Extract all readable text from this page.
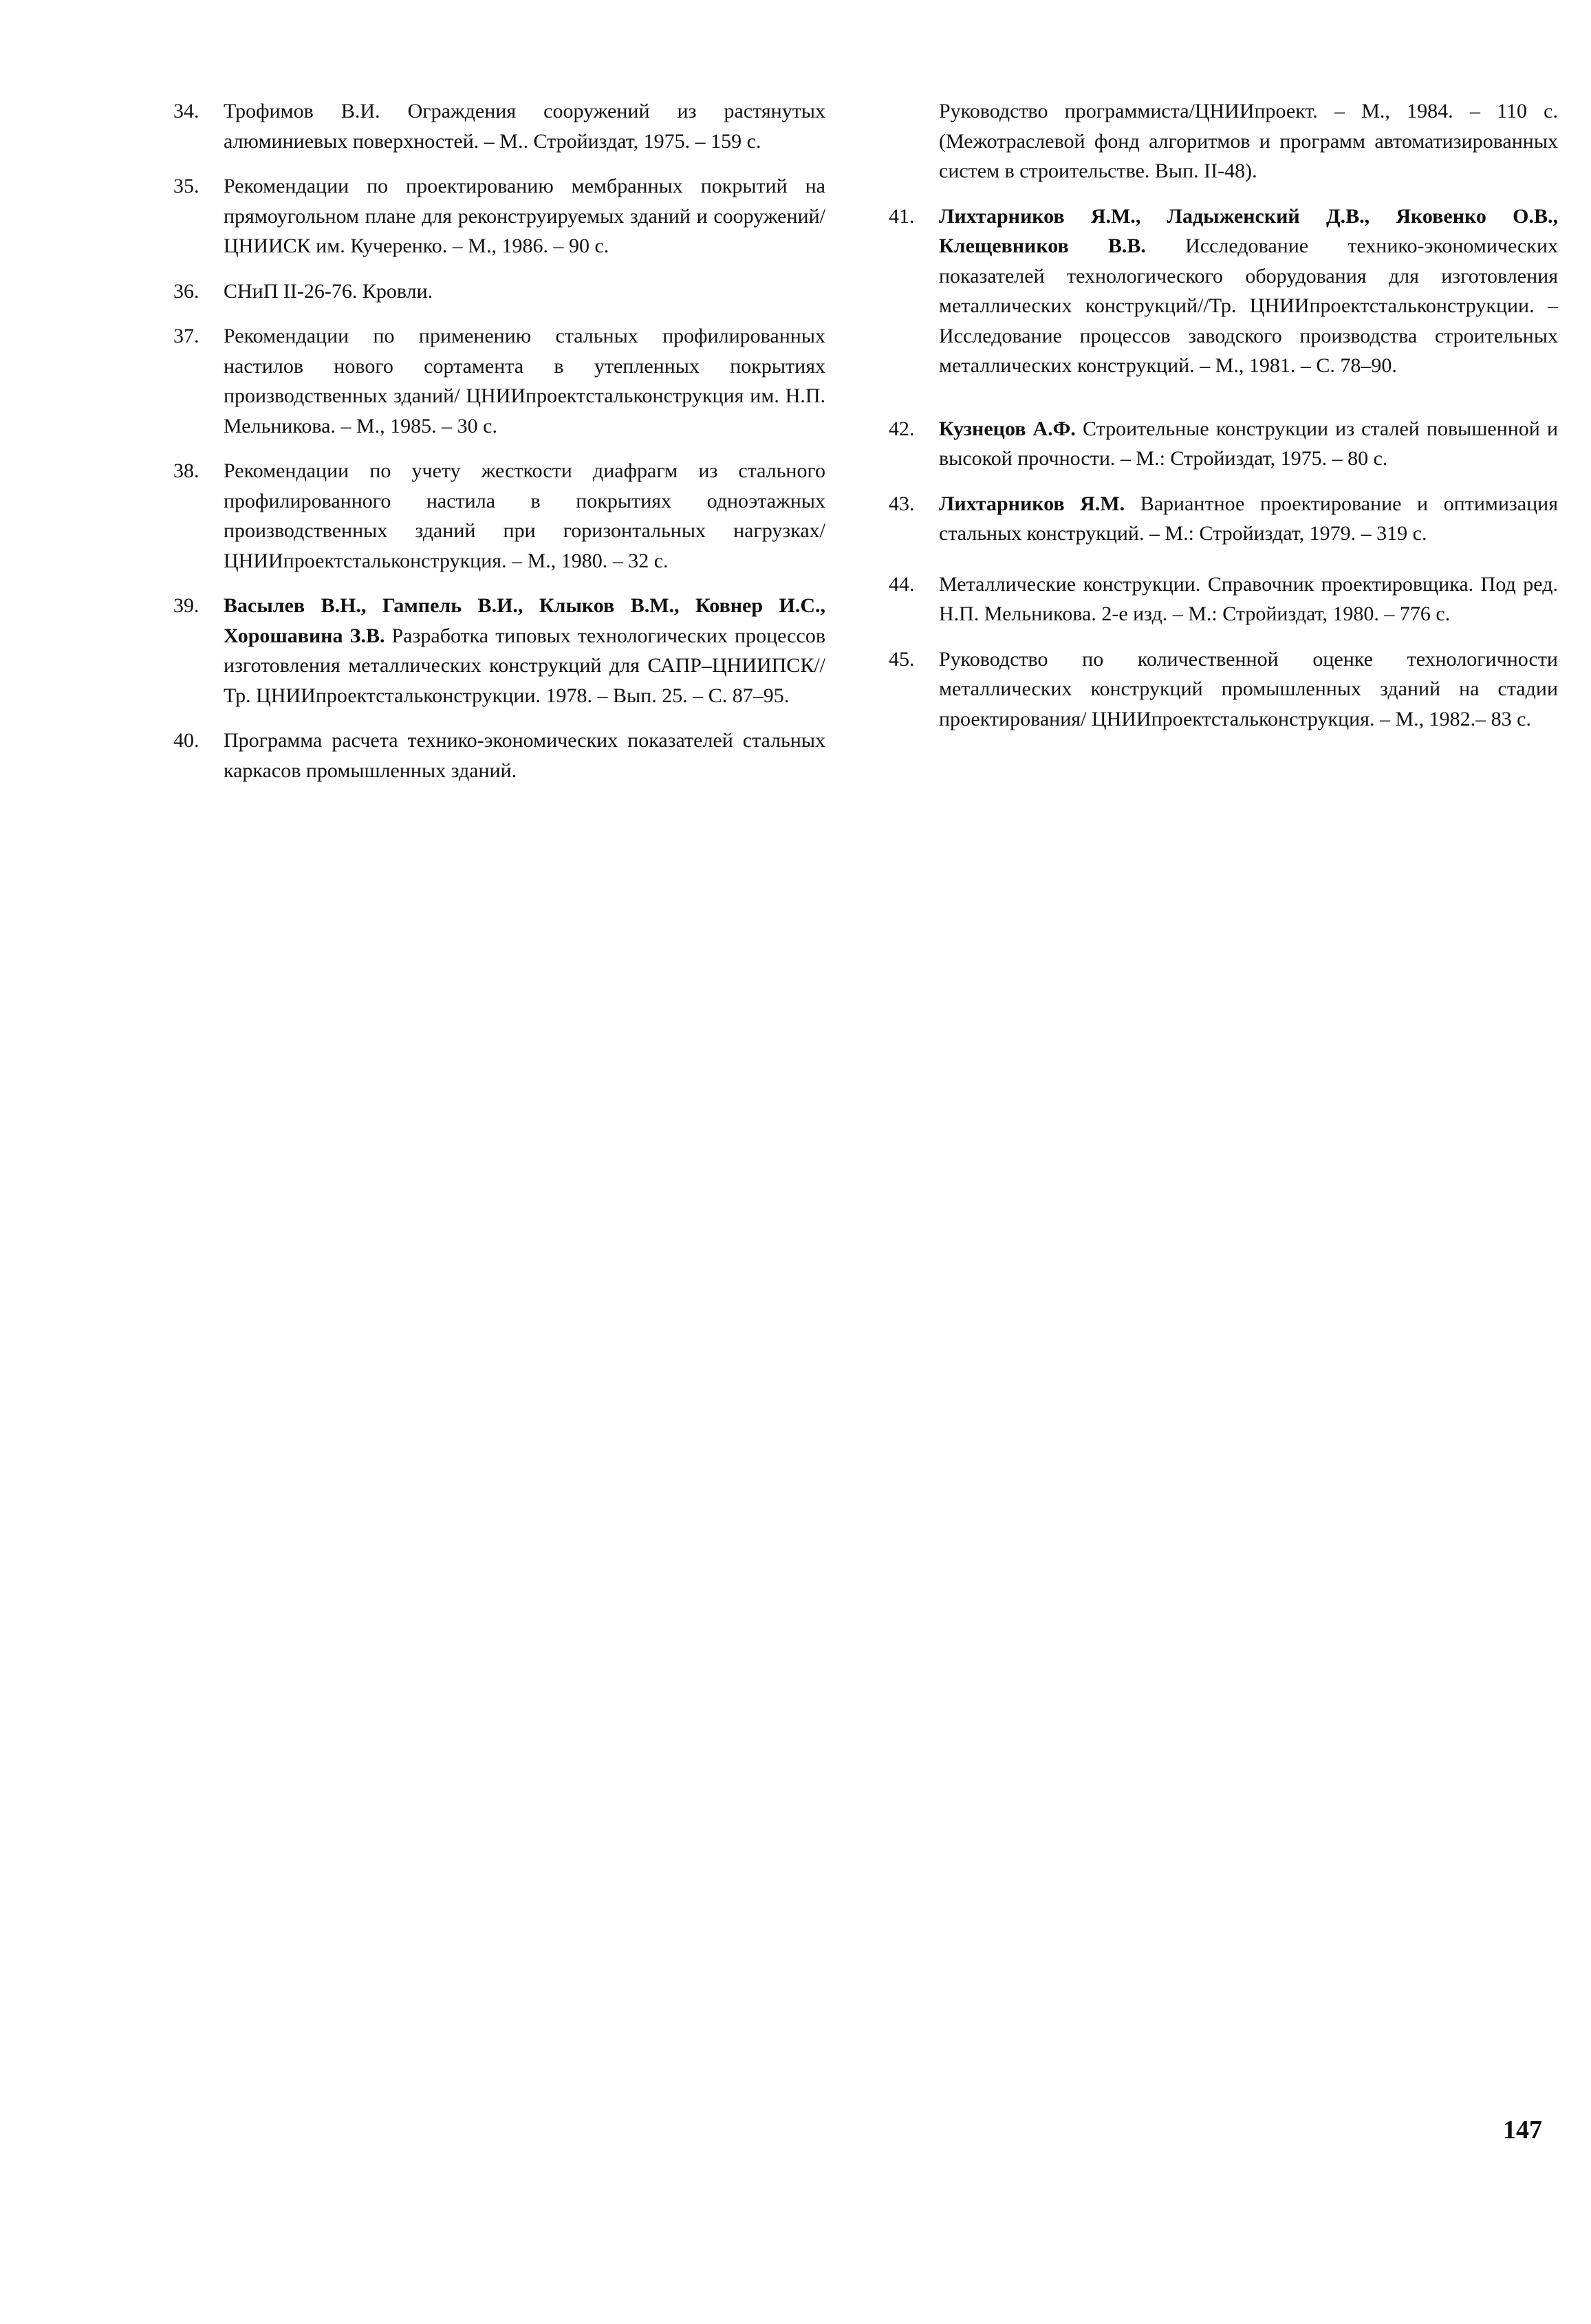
34. Трофимов В.И. Ограждения сооружений из растянутых алюминиевых поверхностей. – М.. Стройиздат, 1975. – 159 с.
35. Рекомендации по проектированию мембранных покрытий на прямоугольном плане для реконструируемых зданий и сооружений/ЦНИИСК им. Кучеренко. – М., 1986. – 90 с.
36. СНиП II-26-76. Кровли.
37. Рекомендации по применению стальных профилированных настилов нового сортамента в утепленных покрытиях производственных зданий/ ЦНИИпроектстальконструкция им. Н.П. Мельникова. – М., 1985. – 30 с.
38. Рекомендации по учету жесткости диафрагм из стального профилированного настила в покрытиях одноэтажных производственных зданий при горизонтальных нагрузках/ЦНИИпроектстальконструкция. – М., 1980. – 32 с.
39. Васылев В.Н., Гампель В.И., Клыков В.М., Ковнер И.С., Хорошавина З.В. Разработка типовых технологических процессов изготовления металлических конструкций для САПР–ЦНИИПСК//Тр. ЦНИИпроектстальконструкции. 1978. – Вып. 25. – С. 87–95.
40. Программа расчета технико-экономических показателей стальных каркасов промышленных зданий.
Руководство программиста/ЦНИИпроект. – М., 1984. – 110 с. (Межотраслевой фонд алгоритмов и программ автоматизированных систем в строительстве. Вып. II-48).
41. Лихтарников Я.М., Ладыженский Д.В., Яковенко О.В., Клещевников В.В. Исследование технико-экономических показателей технологического оборудования для изготовления металлических конструкций//Тр. ЦНИИпроектстальконструкции. – Исследование процессов заводского производства строительных металлических конструкций. – М., 1981. – С. 78–90.
42. Кузнецов А.Ф. Строительные конструкции из сталей повышенной и высокой прочности. – М.: Стройиздат, 1975. – 80 с.
43. Лихтарников Я.М. Вариантное проектирование и оптимизация стальных конструкций. – М.: Стройиздат, 1979. – 319 с.
44. Металлические конструкции. Справочник проектировщика. Под ред. Н.П. Мельникова. 2-е изд. – М.: Стройиздат, 1980. – 776 с.
45. Руководство по количественной оценке технологичности металлических конструкций промышленных зданий на стадии проектирования/ ЦНИИпроектстальконструкция. – М., 1982.– 83 с.
147
